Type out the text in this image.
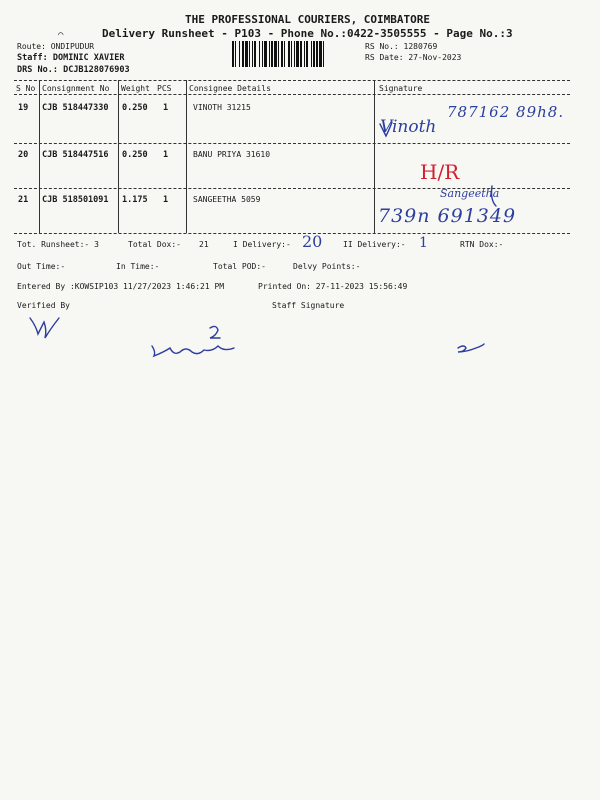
THE PROFESSIONAL COURIERS, COIMBATORE
Delivery Runsheet - P103 - Phone No.:0422-3505555 - Page No.:3
⌒
Route: ONDIPUDUR
Staff: DOMINIC XAVIER
DRS No.: DCJB128076903
RS No.: 1280769
RS Date: 27-Nov-2023
S No Consignment No Weight PCS Consignee Details	Signature
19 CJB 518447330 0.250 1	VINOTH 31215
Vinoth
787162 89h8.
20 CJB 518447516 0.250 1	BANU PRIYA 31610
H/R
21 CJB 518501091 1.175 1	SANGEETHA 5059	Sangeetha
739n 691349
Tot. Runsheet:- 3	Total Dox:- 21	I Delivery:- 20	II Delivery:- 1	RTN Dox:-
Out Time:-	In Time:-	Total POD:-	Delvy Points:-
Entered By :KOWSIP103 11/27/2023 1:46:21 PM	Printed On: 27-11-2023 15:56:49
Verified By	Staff Signature
